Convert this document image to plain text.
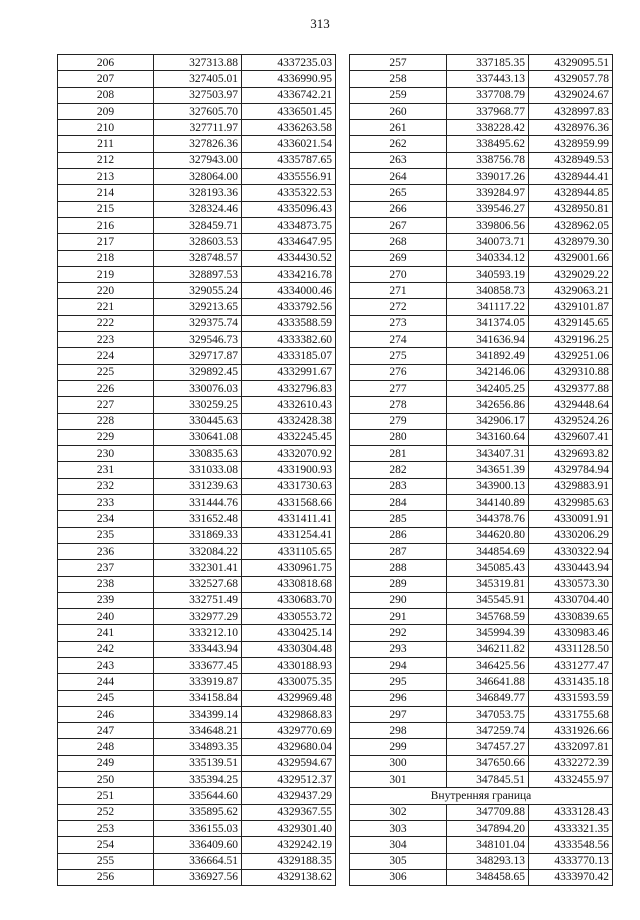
313
206	327313.88	4337235.03
207	327405.01	4336990.95
208	327503.97	4336742.21
209	327605.70	4336501.45
210	327711.97	4336263.58
211	327826.36	4336021.54
212	327943.00	4335787.65
213	328064.00	4335556.91
214	328193.36	4335322.53
215	328324.46	4335096.43
216	328459.71	4334873.75
217	328603.53	4334647.95
218	328748.57	4334430.52
219	328897.53	4334216.78
220	329055.24	4334000.46
221	329213.65	4333792.56
222	329375.74	4333588.59
223	329546.73	4333382.60
224	329717.87	4333185.07
225	329892.45	4332991.67
226	330076.03	4332796.83
227	330259.25	4332610.43
228	330445.63	4332428.38
229	330641.08	4332245.45
230	330835.63	4332070.92
231	331033.08	4331900.93
232	331239.63	4331730.63
233	331444.76	4331568.66
234	331652.48	4331411.41
235	331869.33	4331254.41
236	332084.22	4331105.65
237	332301.41	4330961.75
238	332527.68	4330818.68
239	332751.49	4330683.70
240	332977.29	4330553.72
241	333212.10	4330425.14
242	333443.94	4330304.48
243	333677.45	4330188.93
244	333919.87	4330075.35
245	334158.84	4329969.48
246	334399.14	4329868.83
247	334648.21	4329770.69
248	334893.35	4329680.04
249	335139.51	4329594.67
250	335394.25	4329512.37
251	335644.60	4329437.29
252	335895.62	4329367.55
253	336155.03	4329301.40
254	336409.60	4329242.19
255	336664.51	4329188.35
256	336927.56	4329138.62
257	337185.35	4329095.51
258	337443.13	4329057.78
259	337708.79	4329024.67
260	337968.77	4328997.83
261	338228.42	4328976.36
262	338495.62	4328959.99
263	338756.78	4328949.53
264	339017.26	4328944.41
265	339284.97	4328944.85
266	339546.27	4328950.81
267	339806.56	4328962.05
268	340073.71	4328979.30
269	340334.12	4329001.66
270	340593.19	4329029.22
271	340858.73	4329063.21
272	341117.22	4329101.87
273	341374.05	4329145.65
274	341636.94	4329196.25
275	341892.49	4329251.06
276	342146.06	4329310.88
277	342405.25	4329377.88
278	342656.86	4329448.64
279	342906.17	4329524.26
280	343160.64	4329607.41
281	343407.31	4329693.82
282	343651.39	4329784.94
283	343900.13	4329883.91
284	344140.89	4329985.63
285	344378.76	4330091.91
286	344620.80	4330206.29
287	344854.69	4330322.94
288	345085.43	4330443.94
289	345319.81	4330573.30
290	345545.91	4330704.40
291	345768.59	4330839.65
292	345994.39	4330983.46
293	346211.82	4331128.50
294	346425.56	4331277.47
295	346641.88	4331435.18
296	346849.77	4331593.59
297	347053.75	4331755.68
298	347259.74	4331926.66
299	347457.27	4332097.81
300	347650.66	4332272.39
301	347845.51	4332455.97
Внутренняя граница		
302	347709.88	4333128.43
303	347894.20	4333321.35
304	348101.04	4333548.56
305	348293.13	4333770.13
306	348458.65	4333970.42
